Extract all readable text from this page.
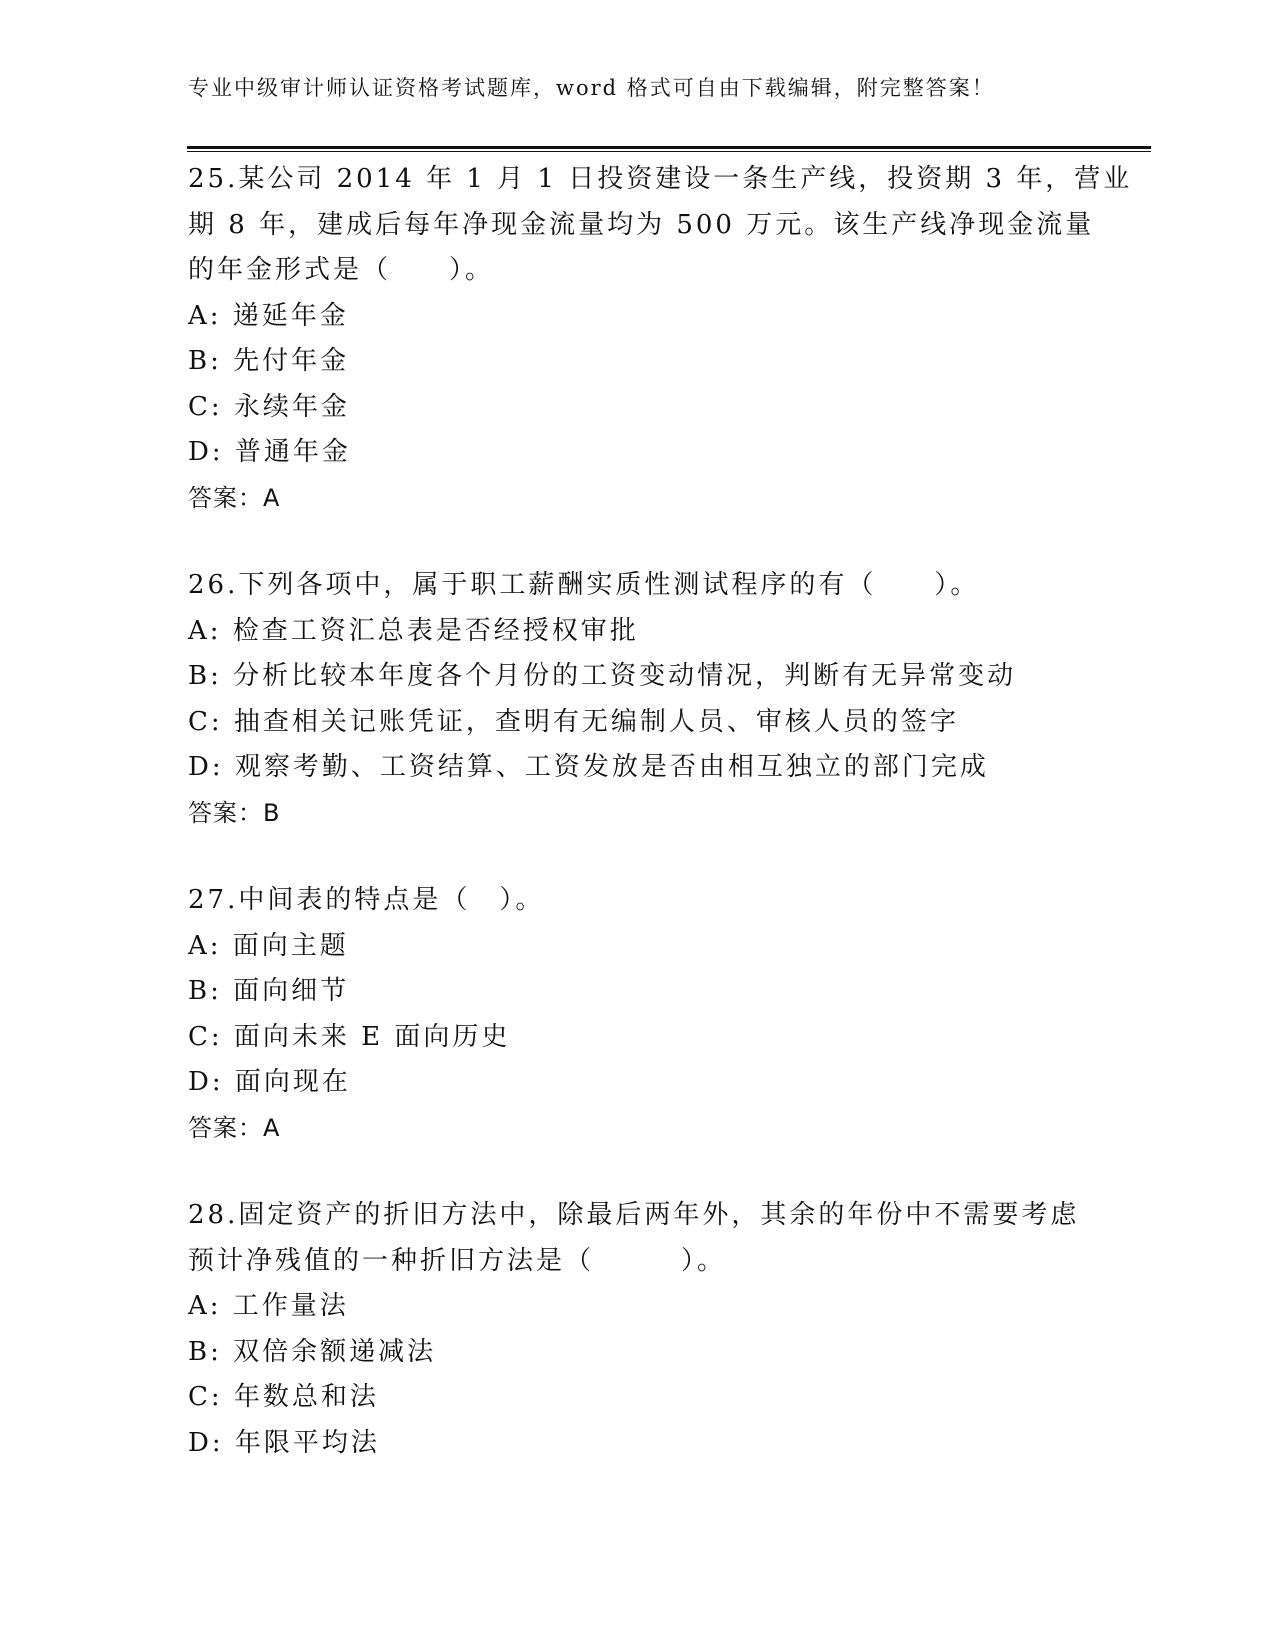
专业中级审计师认证资格考试题库，word 格式可自由下载编辑，附完整答案！
25.某公司 2014 年 1 月 1 日投资建设一条生产线，投资期 3 年，营业
期 8 年，建成后每年净现金流量均为 500 万元。该生产线净现金流量
的年金形式是（　　）。
A: 递延年金
B: 先付年金
C: 永续年金
D: 普通年金
答案：A
26.下列各项中，属于职工薪酬实质性测试程序的有（　　）。
A: 检查工资汇总表是否经授权审批
B: 分析比较本年度各个月份的工资变动情况，判断有无异常变动
C: 抽查相关记账凭证，查明有无编制人员、审核人员的签字
D: 观察考勤、工资结算、工资发放是否由相互独立的部门完成
答案：B
27.中间表的特点是（　）。
A: 面向主题
B: 面向细节
C: 面向未来 E 面向历史
D: 面向现在
答案：A
28.固定资产的折旧方法中，除最后两年外，其余的年份中不需要考虑
预计净残值的一种折旧方法是（　　　）。
A: 工作量法
B: 双倍余额递减法
C: 年数总和法
D: 年限平均法
